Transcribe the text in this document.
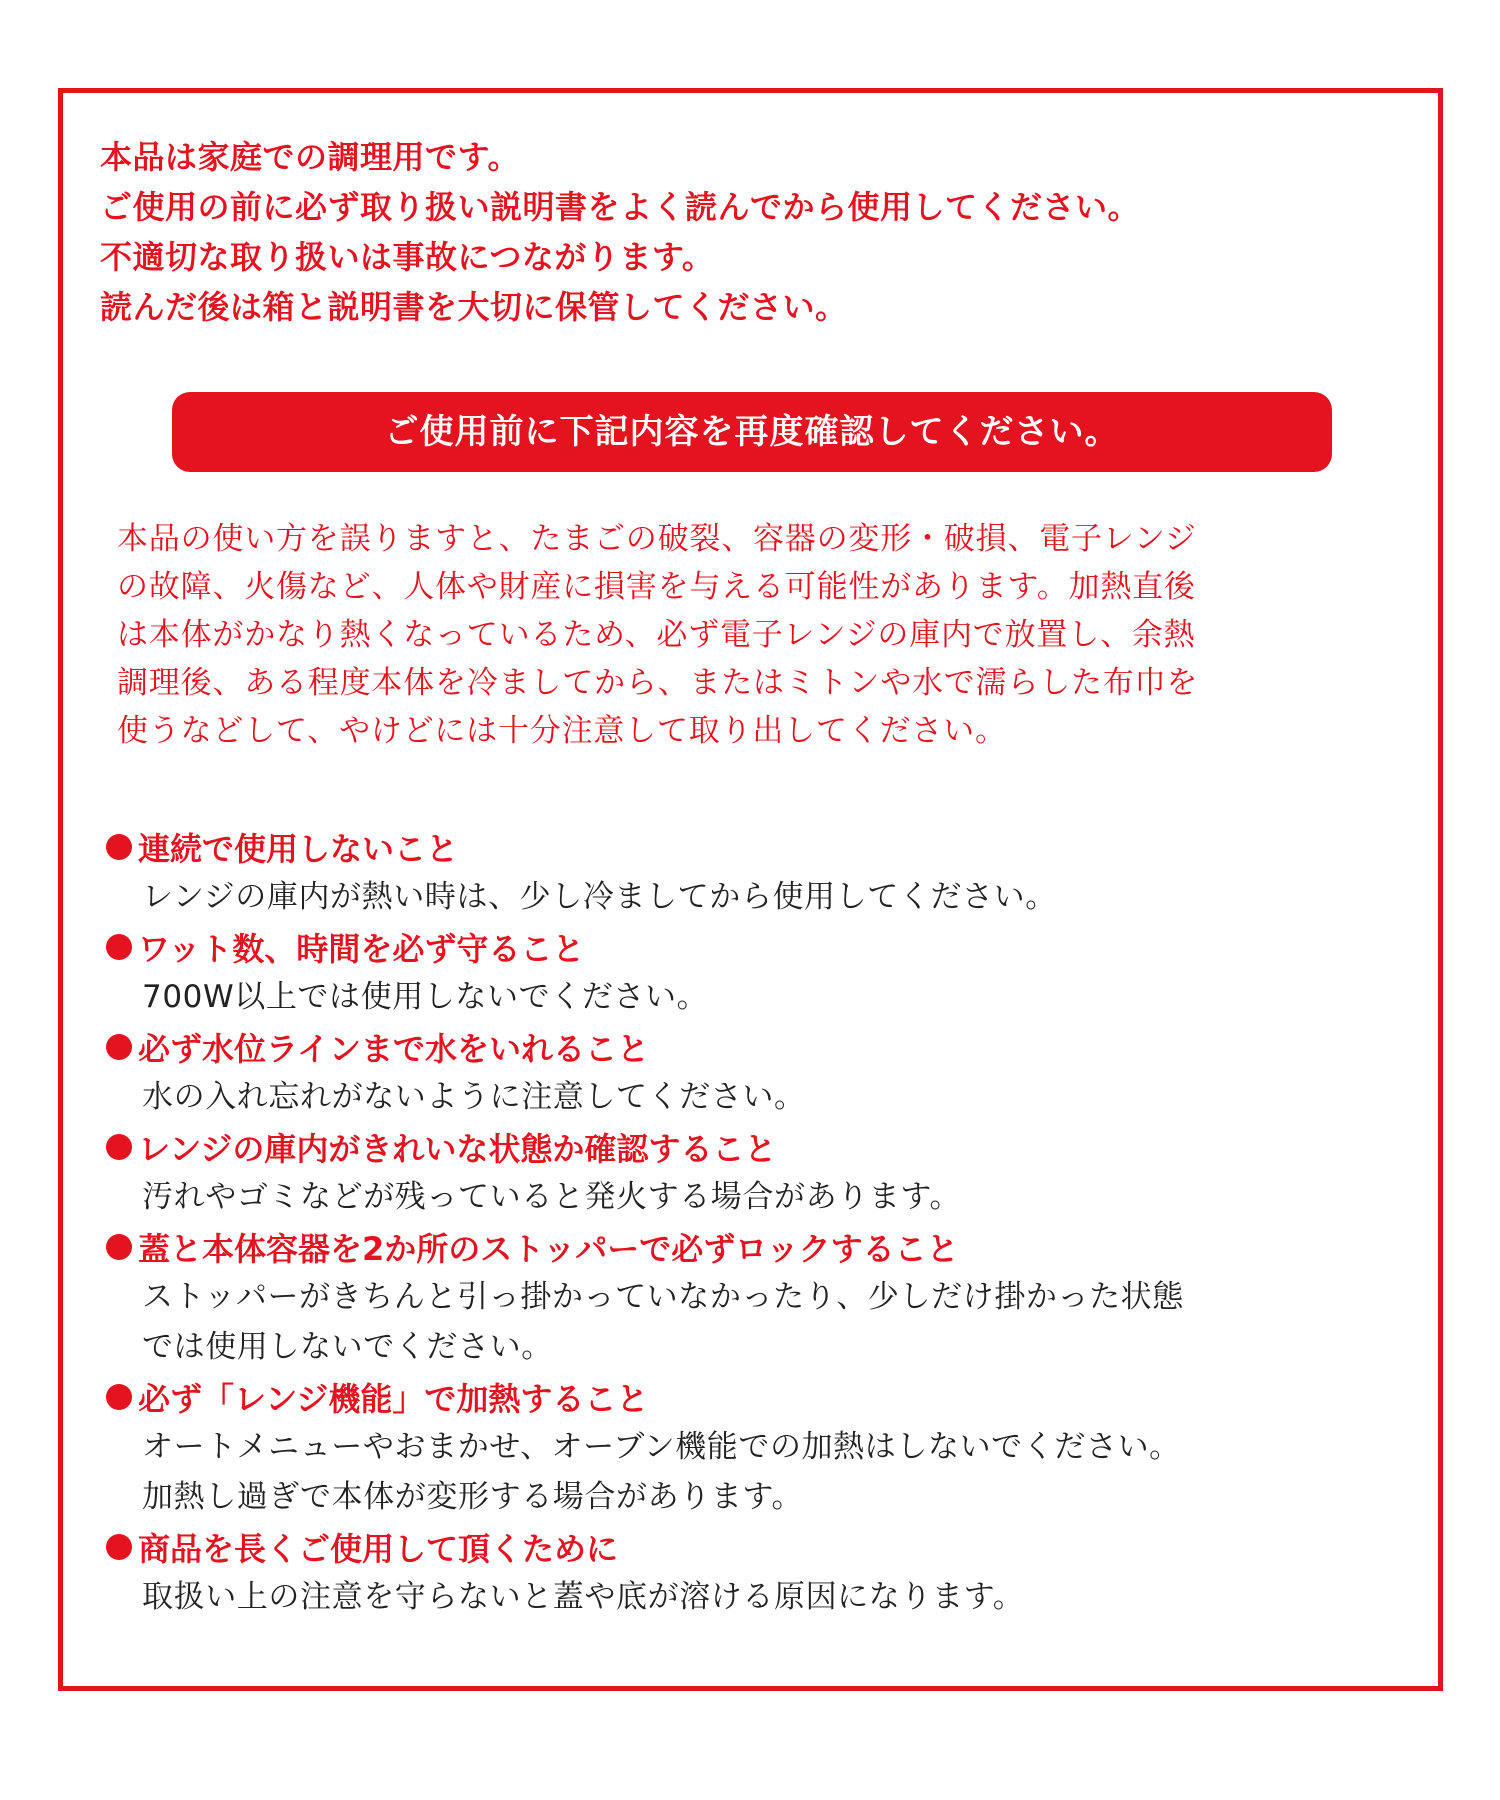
本品は家庭での調理用です。
ご使用の前に必ず取り扱い説明書をよく読んでから使用してください。
不適切な取り扱いは事故につながります。
読んだ後は箱と説明書を大切に保管してください。
ご使用前に下記内容を再度確認してください。
本品の使い方を誤りますと、たまごの破裂、容器の変形・破損、電子レンジ
の故障、火傷など、人体や財産に損害を与える可能性があります。加熱直後
は本体がかなり熱くなっているため、必ず電子レンジの庫内で放置し、余熱
調理後、ある程度本体を冷ましてから、またはミトンや水で濡らした布巾を
使うなどして、やけどには十分注意して取り出してください。
連続で使用しないこと
レンジの庫内が熱い時は、少し冷ましてから使用してください。
ワット数、時間を必ず守ること
700W以上では使用しないでください。
必ず水位ラインまで水をいれること
水の入れ忘れがないように注意してください。
レンジの庫内がきれいな状態か確認すること
汚れやゴミなどが残っていると発火する場合があります。
蓋と本体容器を2か所のストッパーで必ずロックすること
ストッパーがきちんと引っ掛かっていなかったり、少しだけ掛かった状態
では使用しないでください。
必ず「レンジ機能」で加熱すること
オートメニューやおまかせ、オーブン機能での加熱はしないでください。
加熱し過ぎで本体が変形する場合があります。
商品を長くご使用して頂くために
取扱い上の注意を守らないと蓋や底が溶ける原因になります。
